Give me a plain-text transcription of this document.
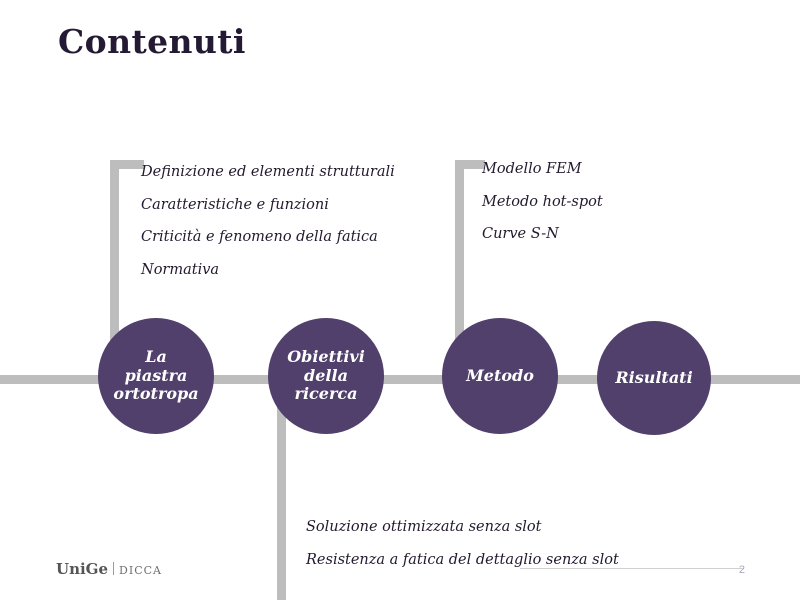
Contenuti
La
piastra
ortotropa
Obiettivi
della
ricerca
Metodo	Risultati
Definizione ed elementi strutturali
Caratteristiche e funzioni
Criticità e fenomeno della fatica
Normativa
Modello FEM
Metodo hot-spot
Curve S-N
Soluzione ottimizzata senza slot
Resistenza a fatica del dettaglio senza slot
UniGe DICCA	2
